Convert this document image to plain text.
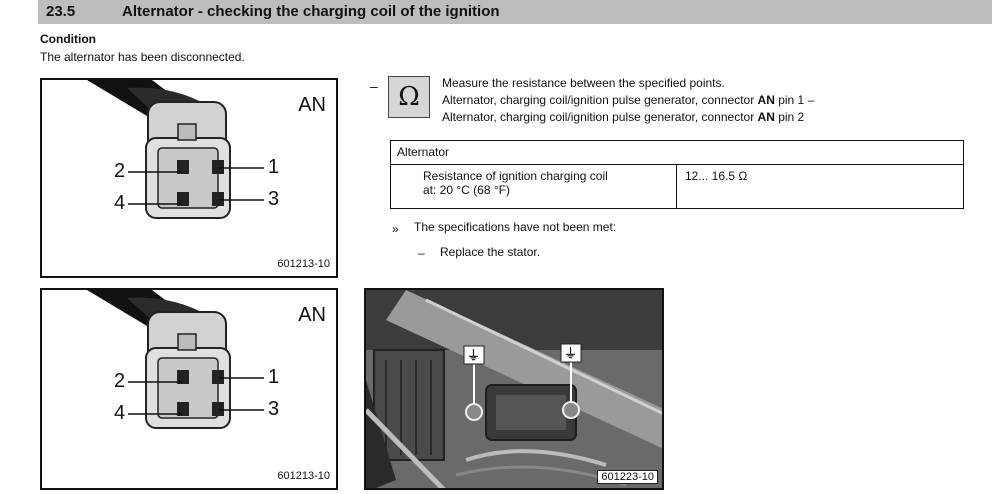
23.5	Alternator - checking the charging coil of the ignition
Condition
The alternator has been disconnected.
AN
2	1
4	3
601213-10
AN
2	1
4	3
601213-10
⏚	⏚
601223-10
– Ω	Measure the resistance between the specified points.
Alternator, charging coil/ignition pulse generator, connector AN pin 1 –
Alternator, charging coil/ignition pulse generator, connector AN pin 2
Alternator

Resistance of ignition charging coil
at: 20 °C (68 °F)
	12... 16.5 Ω
» The specifications have not been met:
– Replace the stator.
